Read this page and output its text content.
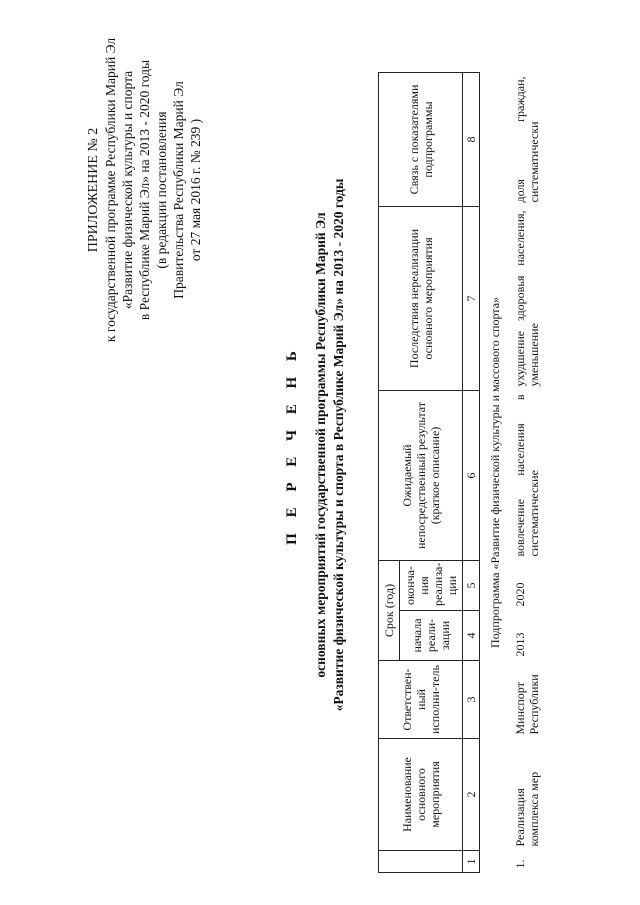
ПРИЛОЖЕНИЕ № 2 к государственной программе Республики Марий Эл «Развитие физической культуры и спорта в Республике Марий Эл» на 2013 - 2020 годы (в редакции постановления Правительства Республики Марий Эл от 27 мая 2016 г. № 239 )
П Е Р Е Ч Е Н Ь основных мероприятий государственной программы Республики Марий Эл «Развитие физической культуры и спорта в Республике Марий Эл» на 2013 - 2020 годы
	Наименование основного мероприятия	Ответствен-ный исполни-тель	Срок (год)		Ожидаемый непосредственный результат (краткое описание)	Последствия нереализации основного мероприятия	Связь с показателями подпрограммы
			начала реали-зации	оконча-ния реализа-ции			
1	2	3	4	5	6	7	8
Подпрограмма «Развитие физической культуры и массового спорта»							
1.	Реализация комплекса мер	Минспорт Республики	2013	2020	вовлечение населения в систематические	ухудшение здоровья населения, уменьшение	доля граждан, систематически
